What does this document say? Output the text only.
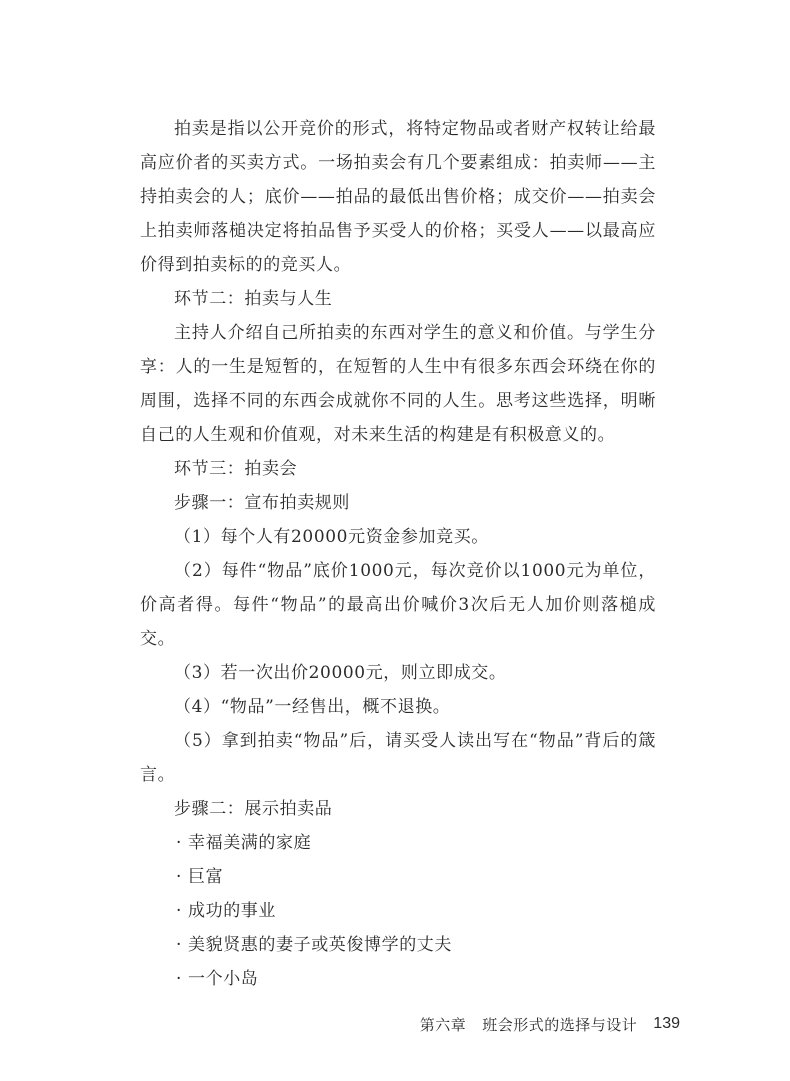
拍卖是指以公开竞价的形式，将特定物品或者财产权转让给最高应价者的买卖方式。一场拍卖会有几个要素组成：拍卖师——主持拍卖会的人；底价——拍品的最低出售价格；成交价——拍卖会上拍卖师落槌决定将拍品售予买受人的价格；买受人——以最高应价得到拍卖标的的竞买人。

环节二：拍卖与人生

主持人介绍自己所拍卖的东西对学生的意义和价值。与学生分享：人的一生是短暂的，在短暂的人生中有很多东西会环绕在你的周围，选择不同的东西会成就你不同的人生。思考这些选择，明晰自己的人生观和价值观，对未来生活的构建是有积极意义的。

环节三：拍卖会

步骤一：宣布拍卖规则

（1）每个人有20000元资金参加竞买。

（2）每件“物品”底价1000元，每次竞价以1000元为单位，价高者得。每件“物品”的最高出价喊价3次后无人加价则落槌成交。

（3）若一次出价20000元，则立即成交。

（4）“物品”一经售出，概不退换。

（5）拿到拍卖“物品”后，请买受人读出写在“物品”背后的箴言。

步骤二：展示拍卖品

· 幸福美满的家庭

· 巨富

· 成功的事业

· 美貌贤惠的妻子或英俊博学的丈夫

· 一个小岛

第六章 班会形式的选择与设计 139
